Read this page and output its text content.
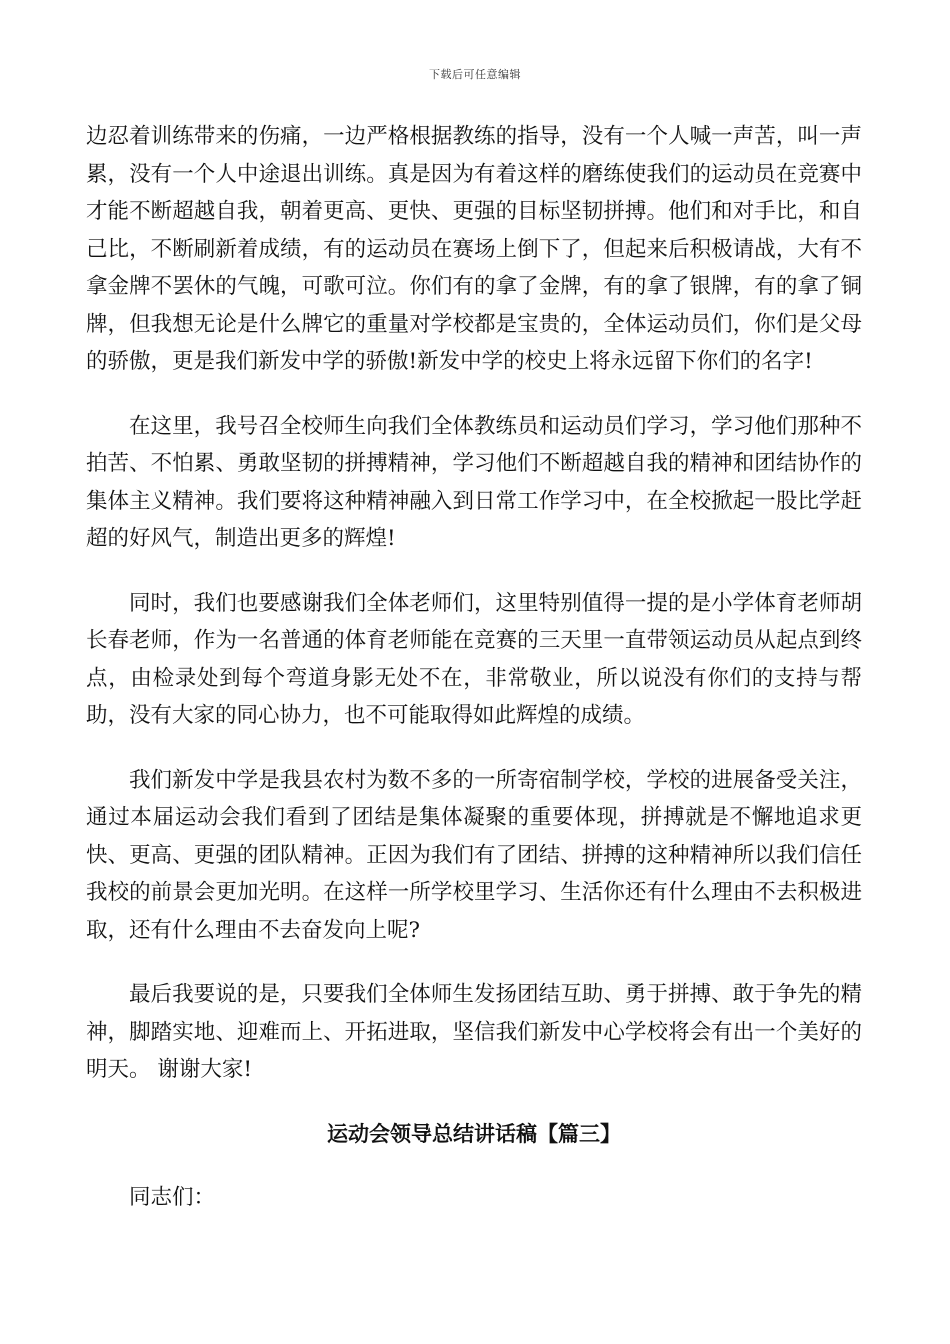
下载后可任意编辑

边忍着训练带来的伤痛，一边严格根据教练的指导，没有一个人喊一声苦，叫一声累，没有一个人中途退出训练。真是因为有着这样的磨练使我们的运动员在竞赛中才能不断超越自我，朝着更高、更快、更强的目标坚韧拼搏。他们和对手比，和自己比，不断刷新着成绩，有的运动员在赛场上倒下了，但起来后积极请战，大有不拿金牌不罢休的气魄，可歌可泣。你们有的拿了金牌，有的拿了银牌，有的拿了铜牌，但我想无论是什么牌它的重量对学校都是宝贵的，全体运动员们，你们是父母的骄傲，更是我们新发中学的骄傲!新发中学的校史上将永远留下你们的名字!

在这里，我号召全校师生向我们全体教练员和运动员们学习，学习他们那种不拍苦、不怕累、勇敢坚韧的拼搏精神，学习他们不断超越自我的精神和团结协作的集体主义精神。我们要将这种精神融入到日常工作学习中，在全校掀起一股比学赶超的好风气，制造出更多的辉煌!

同时，我们也要感谢我们全体老师们，这里特别值得一提的是小学体育老师胡长春老师，作为一名普通的体育老师能在竞赛的三天里一直带领运动员从起点到终点，由检录处到每个弯道身影无处不在，非常敬业，所以说没有你们的支持与帮助，没有大家的同心协力，也不可能取得如此辉煌的成绩。

我们新发中学是我县农村为数不多的一所寄宿制学校，学校的进展备受关注，通过本届运动会我们看到了团结是集体凝聚的重要体现，拼搏就是不懈地追求更快、更高、更强的团队精神。正因为我们有了团结、拼搏的这种精神所以我们信任我校的前景会更加光明。在这样一所学校里学习、生活你还有什么理由不去积极进取，还有什么理由不去奋发向上呢?

最后我要说的是，只要我们全体师生发扬团结互助、勇于拼搏、敢于争先的精神，脚踏实地、迎难而上、开拓进取，坚信我们新发中心学校将会有出一个美好的明天。 谢谢大家!

运动会领导总结讲话稿【篇三】

同志们：
